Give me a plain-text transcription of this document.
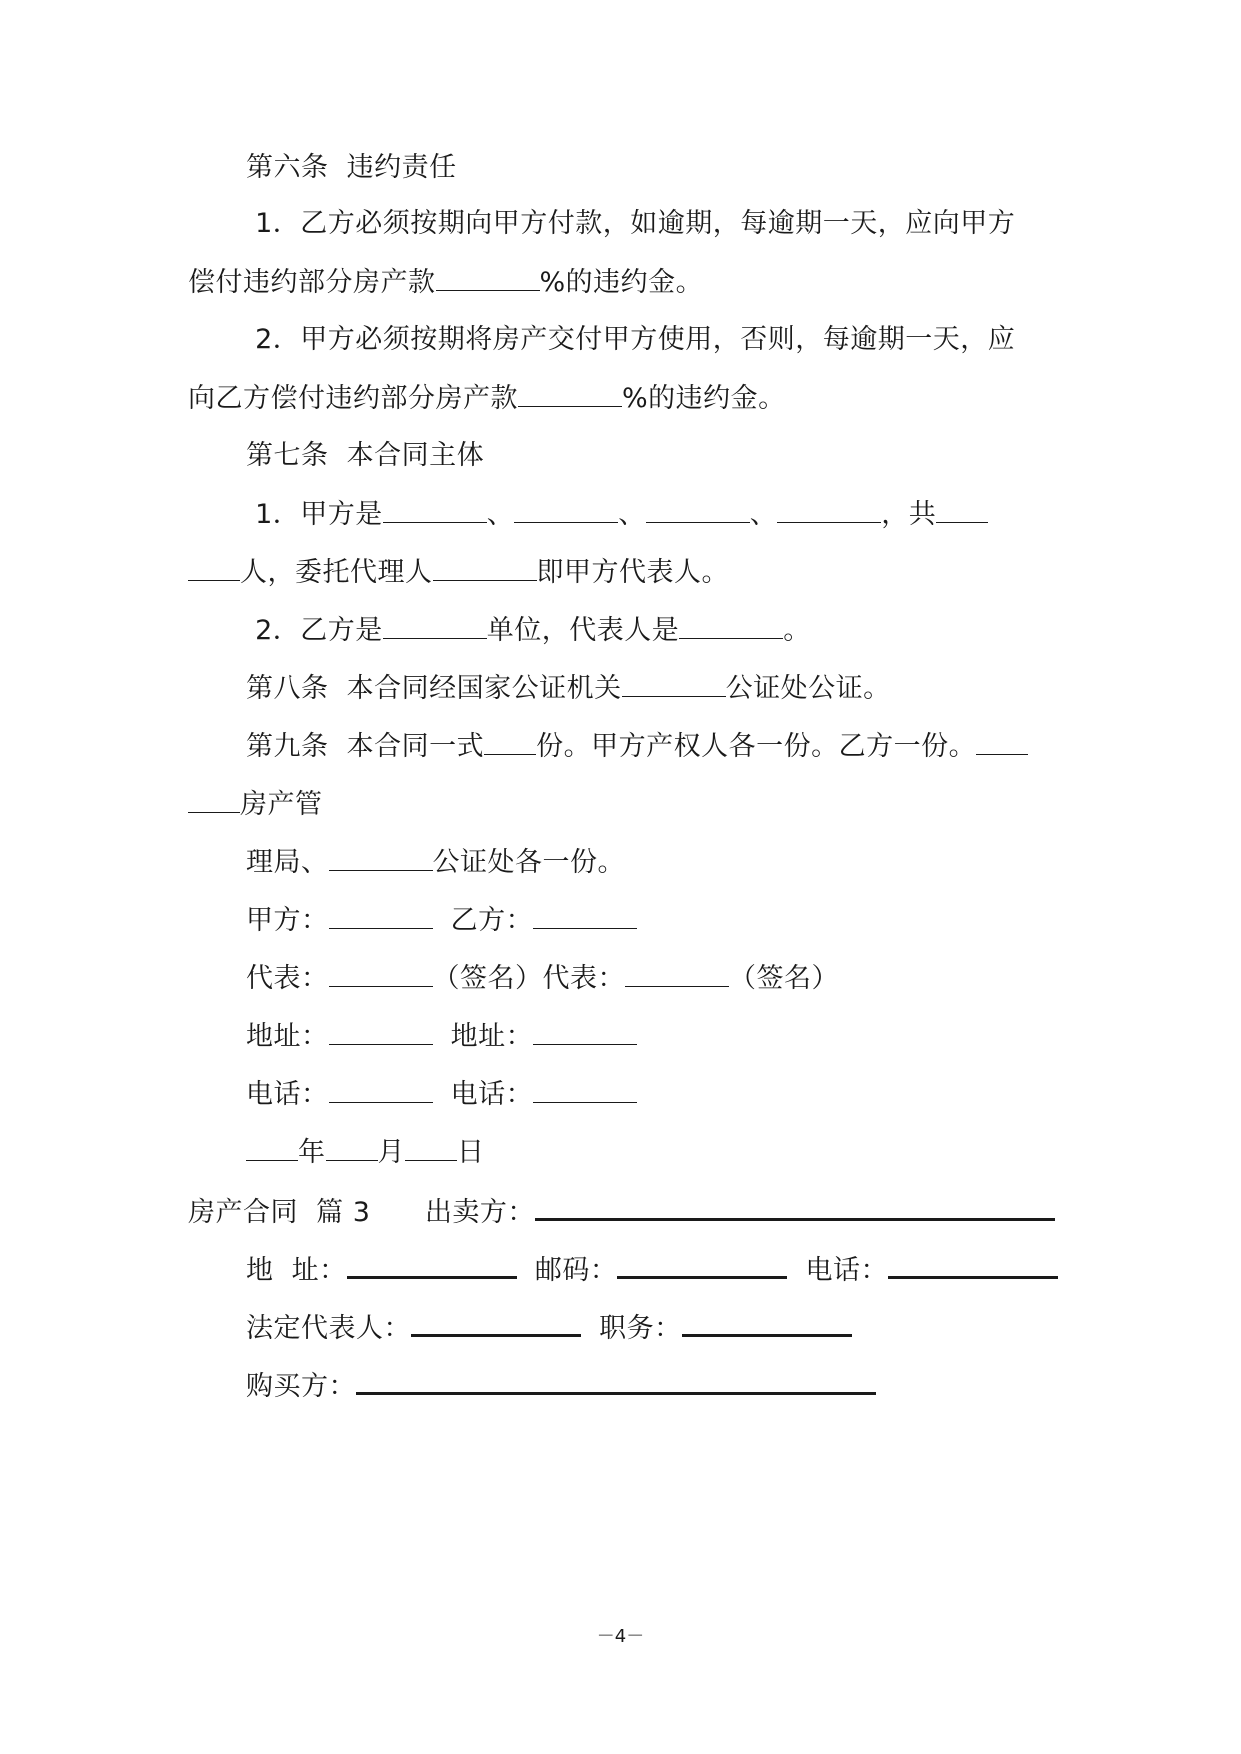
第六条  违约责任
1．乙方必须按期向甲方付款，如逾期，每逾期一天，应向甲方
偿付违约部分房产款	%的违约金。
2．甲方必须按期将房产交付甲方使用，否则，每逾期一天，应
向乙方偿付违约部分房产款	%的违约金。
第七条  本合同主体
1．甲方是	、	、	、	，共
人，委托代理人	即甲方代表人。
2．乙方是	单位，代表人是	。
第八条  本合同经国家公证机关	公证处公证。
第九条  本合同一式 份。甲方产权人各一份。乙方一份。
房产管
理局、	公证处各一份。
甲方：	乙方：
代表：	（签名）代表：	（签名）
地址：	地址：
电话：	电话：
年 月 日
房产合同  篇 3 出卖方：
地  址：	邮码：	电话：
法定代表人：	职务：
购买方：
－4－
